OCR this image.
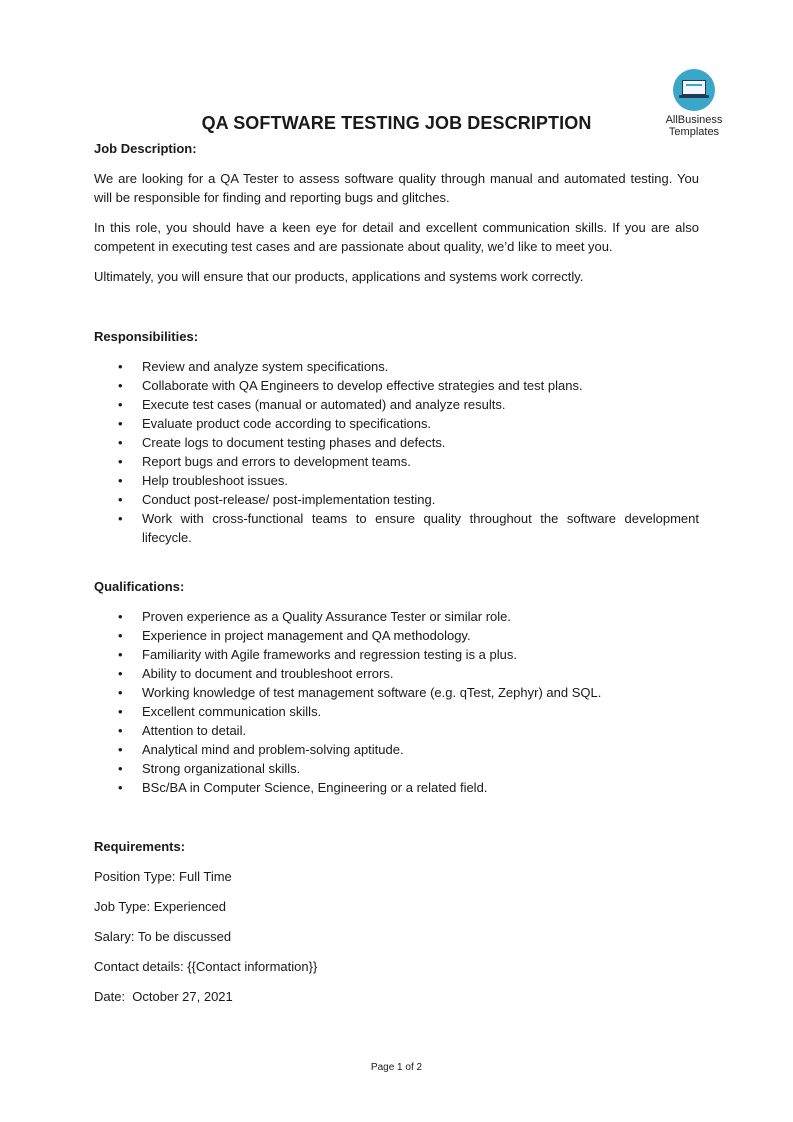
AllBusiness
Templates
QA SOFTWARE TESTING JOB DESCRIPTION

Job Description:

We are looking for a QA Tester to assess software quality through manual and automated testing. You will be responsible for finding and reporting bugs and glitches.

In this role, you should have a keen eye for detail and excellent communication skills. If you are also competent in executing test cases and are passionate about quality, we’d like to meet you.

Ultimately, you will ensure that our products, applications and systems work correctly.

Responsibilities:

• Review and analyze system specifications.
• Collaborate with QA Engineers to develop effective strategies and test plans.
• Execute test cases (manual or automated) and analyze results.
• Evaluate product code according to specifications.
• Create logs to document testing phases and defects.
• Report bugs and errors to development teams.
• Help troubleshoot issues.
• Conduct post-release/ post-implementation testing.
• Work with cross-functional teams to ensure quality throughout the software development lifecycle.

Qualifications:

• Proven experience as a Quality Assurance Tester or similar role.
• Experience in project management and QA methodology.
• Familiarity with Agile frameworks and regression testing is a plus.
• Ability to document and troubleshoot errors.
• Working knowledge of test management software (e.g. qTest, Zephyr) and SQL.
• Excellent communication skills.
• Attention to detail.
• Analytical mind and problem-solving aptitude.
• Strong organizational skills.
• BSc/BA in Computer Science, Engineering or a related field.

Requirements:

Position Type: Full Time

Job Type: Experienced

Salary: To be discussed

Contact details: {{Contact information}}

Date:  October 27, 2021

Page 1 of 2
